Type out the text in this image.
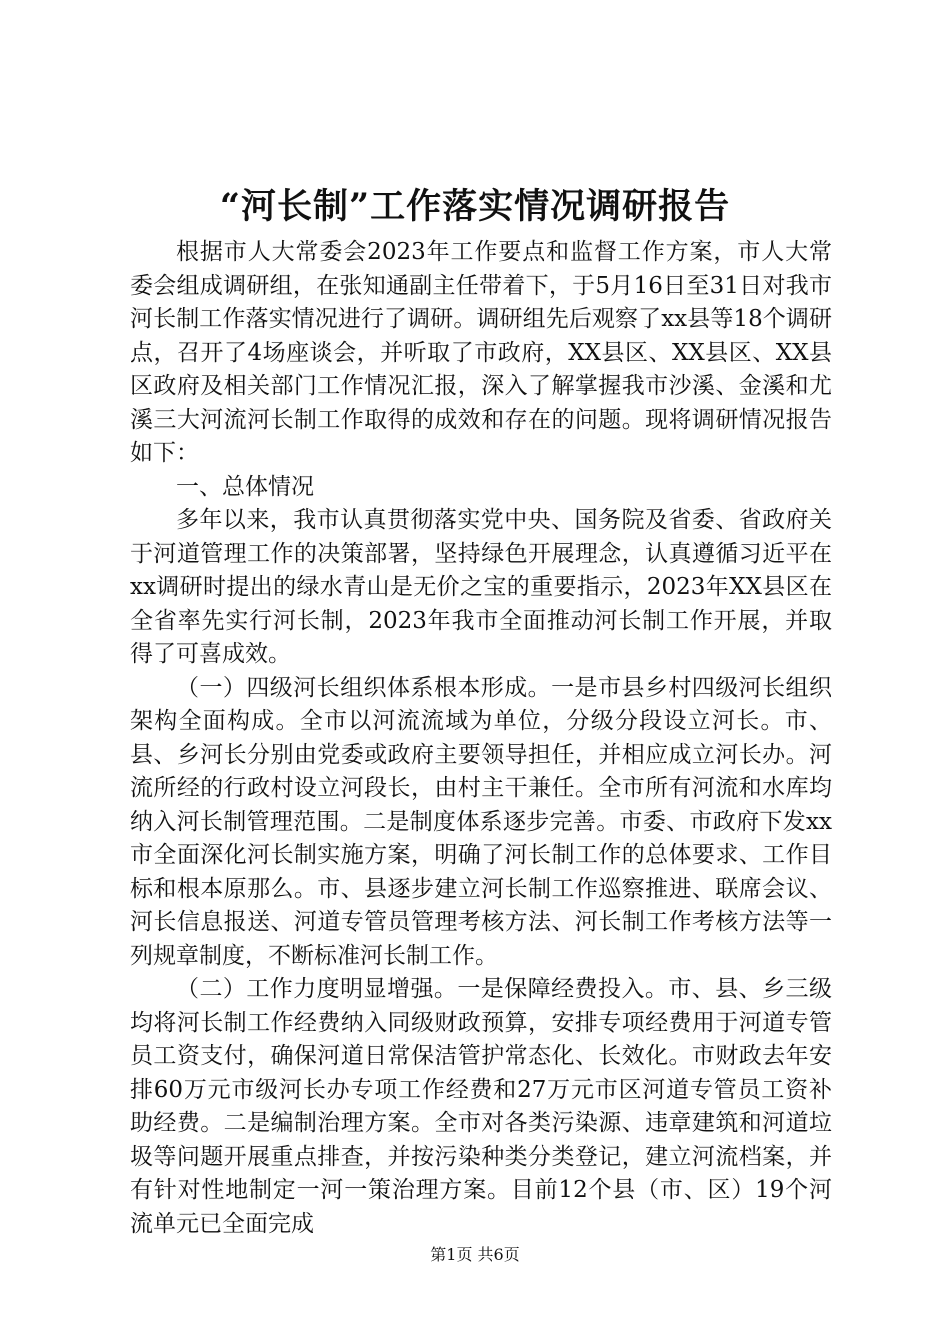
“河长制”工作落实情况调研报告

根据市人大常委会2023年工作要点和监督工作方案，市人大常委会组成调研组，在张知通副主任带着下，于5月16日至31日对我市河长制工作落实情况进行了调研。调研组先后观察了xx县等18个调研点，召开了4场座谈会，并听取了市政府，XX县区、XX县区、XX县区政府及相关部门工作情况汇报，深入了解掌握我市沙溪、金溪和尤溪三大河流河长制工作取得的成效和存在的问题。现将调研情况报告如下：

一、总体情况

多年以来，我市认真贯彻落实党中央、国务院及省委、省政府关于河道管理工作的决策部署，坚持绿色开展理念，认真遵循习近平在xx调研时提出的绿水青山是无价之宝的重要指示，2023年XX县区在全省率先实行河长制，2023年我市全面推动河长制工作开展，并取得了可喜成效。

（一）四级河长组织体系根本形成。一是市县乡村四级河长组织架构全面构成。全市以河流流域为单位，分级分段设立河长。市、县、乡河长分别由党委或政府主要领导担任，并相应成立河长办。河流所经的行政村设立河段长，由村主干兼任。全市所有河流和水库均纳入河长制管理范围。二是制度体系逐步完善。市委、市政府下发xx市全面深化河长制实施方案，明确了河长制工作的总体要求、工作目标和根本原那么。市、县逐步建立河长制工作巡察推进、联席会议、河长信息报送、河道专管员管理考核方法、河长制工作考核方法等一列规章制度，不断标准河长制工作。

（二）工作力度明显增强。一是保障经费投入。市、县、乡三级均将河长制工作经费纳入同级财政预算，安排专项经费用于河道专管员工资支付，确保河道日常保洁管护常态化、长效化。市财政去年安排60万元市级河长办专项工作经费和27万元市区河道专管员工资补助经费。二是编制治理方案。全市对各类污染源、违章建筑和河道垃圾等问题开展重点排查，并按污染种类分类登记，建立河流档案，并有针对性地制定一河一策治理方案。目前12个县（市、区）19个河流单元已全面完成

第1页 共6页
